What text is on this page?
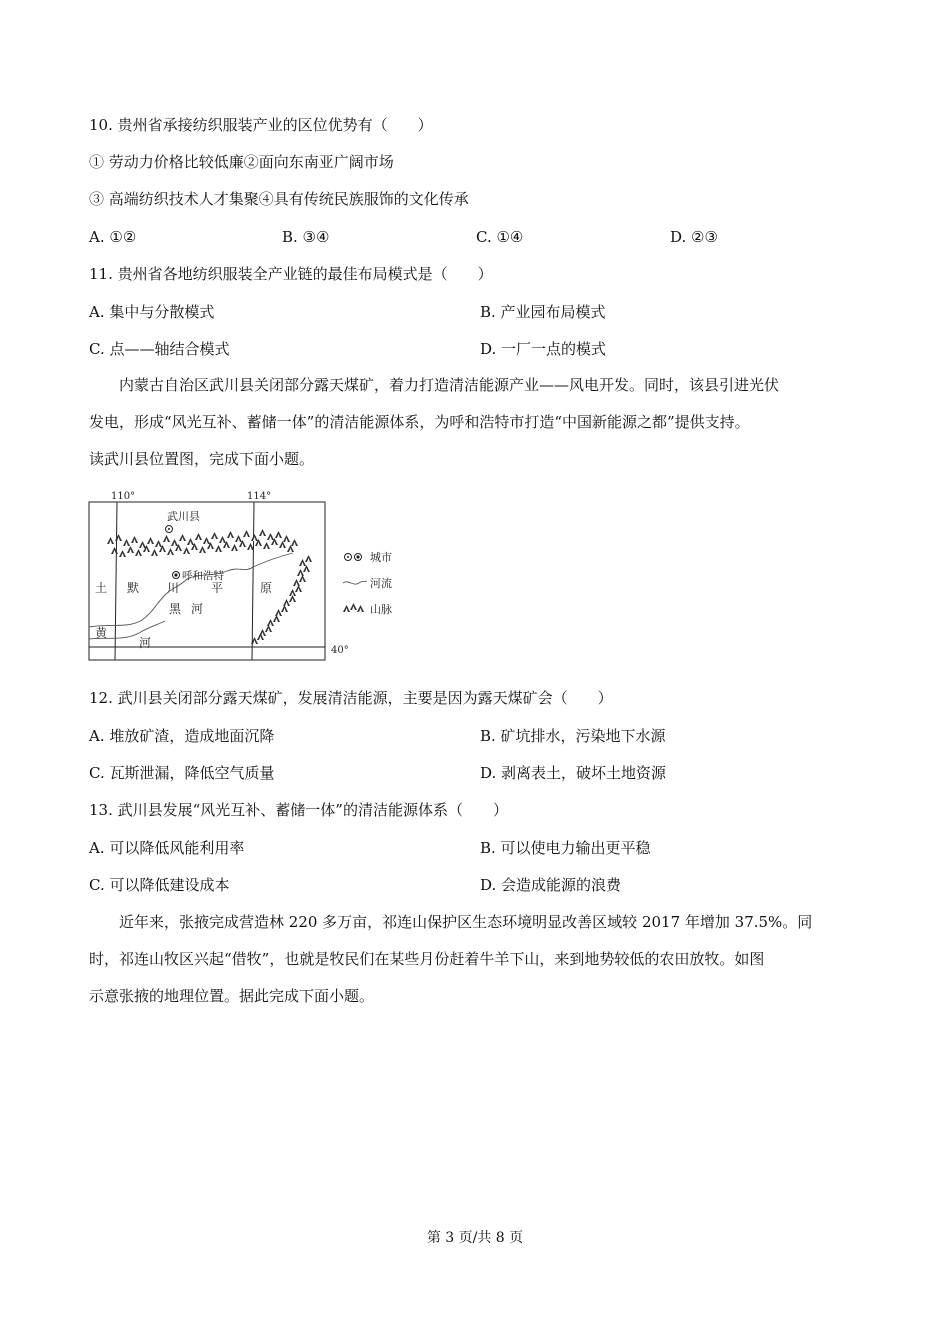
10. 贵州省承接纺织服装产业的区位优势有（　　）
① 劳动力价格比较低廉②面向东南亚广阔市场
③ 高端纺织技术人才集聚④具有传统民族服饰的文化传承
A. ①②	B. ③④	C. ①④	D. ②③
11. 贵州省各地纺织服装全产业链的最佳布局模式是（　　）
A. 集中与分散模式	B. 产业园布局模式
C. 点——轴结合模式	D. 一厂一点的模式
内蒙古自治区武川县关闭部分露天煤矿，着力打造清洁能源产业——风电开发。同时，该县引进光伏
发电，形成“风光互补、蓄储一体”的清洁能源体系，为呼和浩特市打造“中国新能源之都”提供支持。
读武川县位置图，完成下面小题。
110°	114°
40°
武川县
呼和浩特
土 默 川	平	原
黑 河
黄
河
城市
河流
山脉
12. 武川县关闭部分露天煤矿，发展清洁能源，主要是因为露天煤矿会（　　）
A. 堆放矿渣，造成地面沉降	B. 矿坑排水，污染地下水源
C. 瓦斯泄漏，降低空气质量	D. 剥离表土，破坏土地资源
13. 武川县发展“风光互补、蓄储一体”的清洁能源体系（　　）
A. 可以降低风能利用率	B. 可以使电力输出更平稳
C. 可以降低建设成本	D. 会造成能源的浪费
近年来，张掖完成营造林 220 多万亩，祁连山保护区生态环境明显改善区域较 2017 年增加 37.5%。同
时，祁连山牧区兴起“借牧”，也就是牧民们在某些月份赶着牛羊下山，来到地势较低的农田放牧。如图
示意张掖的地理位置。据此完成下面小题。
第 3 页/共 8 页
